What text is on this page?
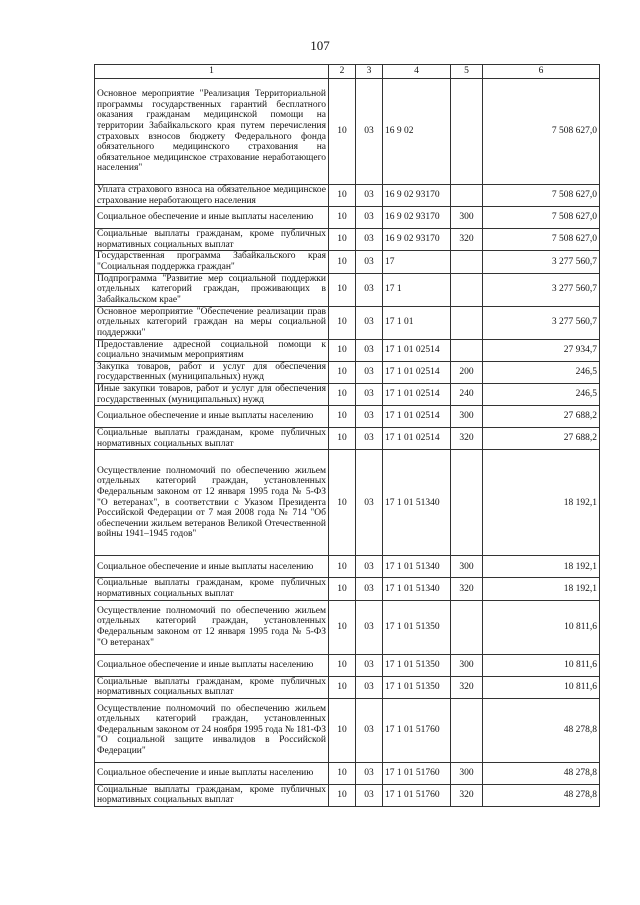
107
1	2	3	4	5	6
Основное мероприятие "Реализация Территориальной программы государственных гарантий бесплатного оказания гражданам медицинской помощи на территории Забайкальского края путем перечисления страховых взносов бюджету Федерального фонда обязательного медицинского страхования на обязательное медицинское страхование неработающего населения"	10	03	16 9 02		7 508 627,0
Уплата страхового взноса на обязательное медицинское страхование неработающего населения	10	03	16 9 02 93170		7 508 627,0
Социальное обеспечение и иные выплаты населению	10	03	16 9 02 93170	300	7 508 627,0
Социальные выплаты гражданам, кроме публичных нормативных социальных выплат	10	03	16 9 02 93170	320	7 508 627,0
Государственная программа Забайкальского края "Социальная поддержка граждан"	10	03	17		3 277 560,7
Подпрограмма "Развитие мер социальной поддержки отдельных категорий граждан, проживающих в Забайкальском крае"	10	03	17 1		3 277 560,7
Основное мероприятие "Обеспечение реализации прав отдельных категорий граждан на меры социальной поддержки"	10	03	17 1 01		3 277 560,7
Предоставление адресной социальной помощи к социально значимым мероприятиям	10	03	17 1 01 02514		27 934,7
Закупка товаров, работ и услуг для обеспечения государственных (муниципальных) нужд	10	03	17 1 01 02514	200	246,5
Иные закупки товаров, работ и услуг для обеспечения государственных (муниципальных) нужд	10	03	17 1 01 02514	240	246,5
Социальное обеспечение и иные выплаты населению	10	03	17 1 01 02514	300	27 688,2
Социальные выплаты гражданам, кроме публичных нормативных социальных выплат	10	03	17 1 01 02514	320	27 688,2
Осуществление полномочий по обеспечению жильем отдельных категорий граждан, установленных Федеральным законом от 12 января 1995 года № 5-ФЗ "О ветеранах", в соответствии с Указом Президента Российской Федерации от 7 мая 2008 года № 714 "Об обеспечении жильем ветеранов Великой Отечественной войны 1941–1945 годов"	10	03	17 1 01 51340		18 192,1
Социальное обеспечение и иные выплаты населению	10	03	17 1 01 51340	300	18 192,1
Социальные выплаты гражданам, кроме публичных нормативных социальных выплат	10	03	17 1 01 51340	320	18 192,1
Осуществление полномочий по обеспечению жильем отдельных категорий граждан, установленных Федеральным законом от 12 января 1995 года № 5-ФЗ "О ветеранах"	10	03	17 1 01 51350		10 811,6
Социальное обеспечение и иные выплаты населению	10	03	17 1 01 51350	300	10 811,6
Социальные выплаты гражданам, кроме публичных нормативных социальных выплат	10	03	17 1 01 51350	320	10 811,6
Осуществление полномочий по обеспечению жильем отдельных категорий граждан, установленных Федеральным законом от 24 ноября 1995 года № 181-ФЗ "О социальной защите инвалидов в Российской Федерации"	10	03	17 1 01 51760		48 278,8
Социальное обеспечение и иные выплаты населению	10	03	17 1 01 51760	300	48 278,8
Социальные выплаты гражданам, кроме публичных нормативных социальных выплат	10	03	17 1 01 51760	320	48 278,8
